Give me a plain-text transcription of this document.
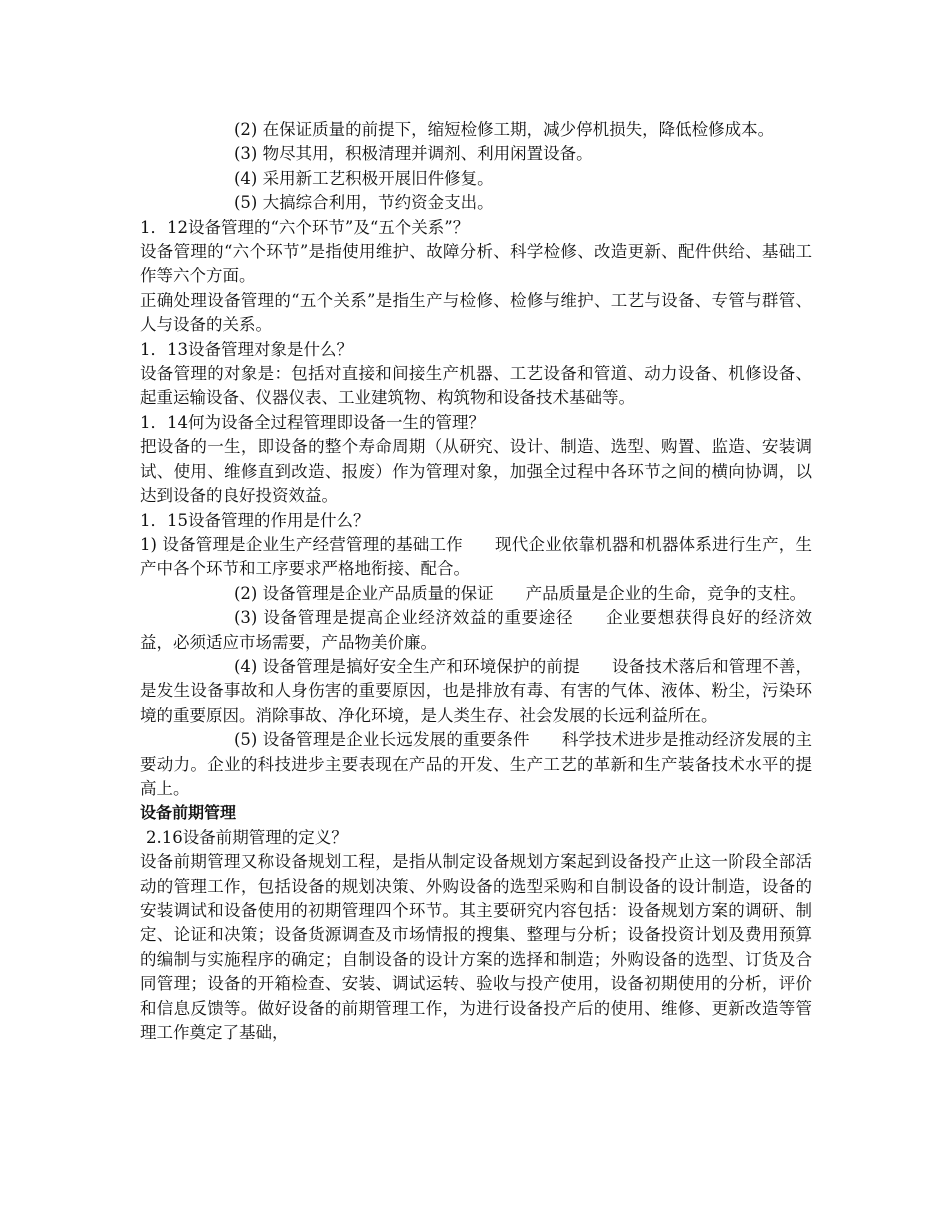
(2) 在保证质量的前提下，缩短检修工期，减少停机损失，降低检修成本。

(3) 物尽其用，积极清理并调剂、利用闲置设备。

(4) 采用新工艺积极开展旧件修复。

(5) 大搞综合利用，节约资金支出。

1．12设备管理的“六个环节”及“五个关系”？

设备管理的“六个环节”是指使用维护、故障分析、科学检修、改造更新、配件供给、基础工作等六个方面。

正确处理设备管理的“五个关系”是指生产与检修、检修与维护、工艺与设备、专管与群管、人与设备的关系。

1．13设备管理对象是什么？

设备管理的对象是：包括对直接和间接生产机器、工艺设备和管道、动力设备、机修设备、起重运输设备、仪器仪表、工业建筑物、构筑物和设备技术基础等。

1．14何为设备全过程管理即设备一生的管理？

把设备的一生，即设备的整个寿命周期（从研究、设计、制造、选型、购置、监造、安装调试、使用、维修直到改造、报废）作为管理对象，加强全过程中各环节之间的横向协调，以达到设备的良好投资效益。

1．15设备管理的作用是什么？

1) 设备管理是企业生产经营管理的基础工作 现代企业依靠机器和机器体系进行生产，生产中各个环节和工序要求严格地衔接、配合。

(2) 设备管理是企业产品质量的保证 产品质量是企业的生命，竞争的支柱。

(3) 设备管理是提高企业经济效益的重要途径 企业要想获得良好的经济效益，必须适应市场需要，产品物美价廉。

(4) 设备管理是搞好安全生产和环境保护的前提 设备技术落后和管理不善，是发生设备事故和人身伤害的重要原因，也是排放有毒、有害的气体、液体、粉尘，污染环境的重要原因。消除事故、净化环境，是人类生存、社会发展的长远利益所在。

(5) 设备管理是企业长远发展的重要条件 科学技术进步是推动经济发展的主要动力。企业的科技进步主要表现在产品的开发、生产工艺的革新和生产装备技术水平的提高上。

设备前期管理

2.16设备前期管理的定义？

设备前期管理又称设备规划工程，是指从制定设备规划方案起到设备投产止这一阶段全部活动的管理工作，包括设备的规划决策、外购设备的选型采购和自制设备的设计制造，设备的安装调试和设备使用的初期管理四个环节。其主要研究内容包括：设备规划方案的调研、制定、论证和决策；设备货源调查及市场情报的搜集、整理与分析；设备投资计划及费用预算的编制与实施程序的确定；自制设备的设计方案的选择和制造；外购设备的选型、订货及合同管理；设备的开箱检查、安装、调试运转、验收与投产使用，设备初期使用的分析，评价和信息反馈等。做好设备的前期管理工作，为进行设备投产后的使用、维修、更新改造等管理工作奠定了基础，
